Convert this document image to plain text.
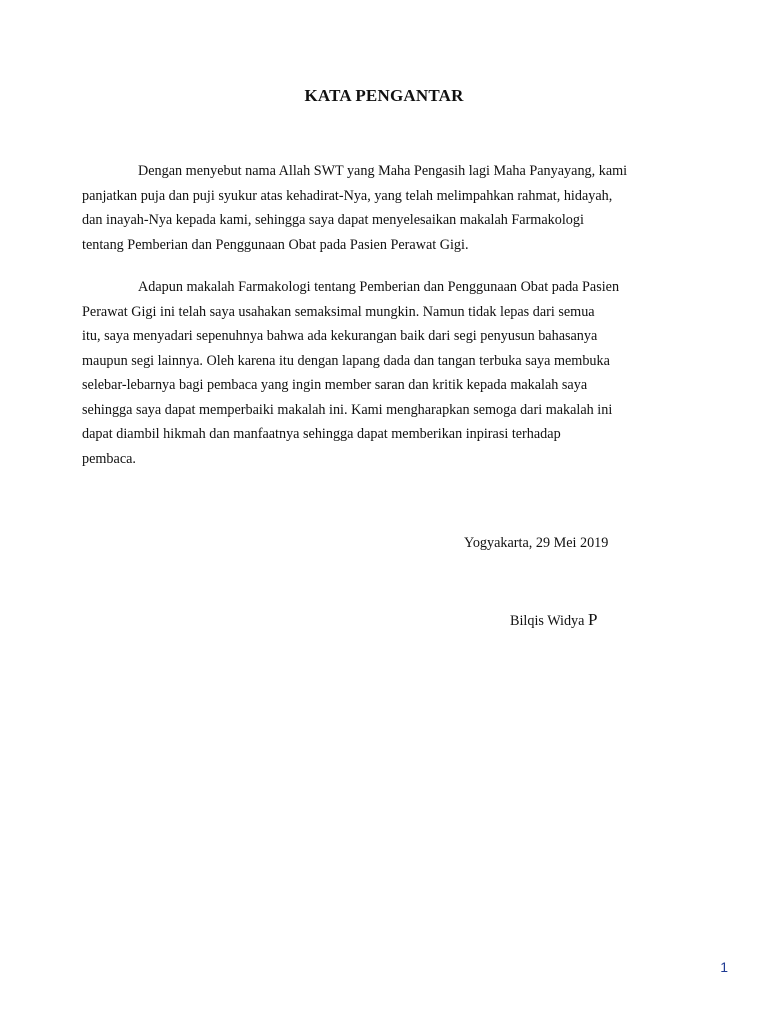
KATA PENGANTAR
Dengan menyebut nama Allah SWT yang Maha Pengasih lagi Maha Panyayang, kami
panjatkan puja dan puji syukur atas kehadirat-Nya, yang telah melimpahkan rahmat, hidayah,
dan inayah-Nya kepada kami, sehingga saya dapat menyelesaikan makalah Farmakologi
tentang Pemberian dan Penggunaan Obat pada Pasien Perawat Gigi.
Adapun makalah Farmakologi tentang Pemberian dan Penggunaan Obat pada Pasien
Perawat Gigi ini telah saya usahakan semaksimal mungkin. Namun tidak lepas dari semua
itu, saya menyadari sepenuhnya bahwa ada kekurangan baik dari segi penyusun bahasanya
maupun segi lainnya. Oleh karena itu dengan lapang dada dan tangan terbuka saya membuka
selebar-lebarnya bagi pembaca yang ingin member saran dan kritik kepada makalah saya
sehingga saya dapat memperbaiki makalah ini. Kami mengharapkan semoga dari makalah ini
dapat diambil hikmah dan manfaatnya sehingga dapat memberikan inpirasi terhadap
pembaca.
Yogyakarta, 29 Mei 2019
Bilqis Widya P
1
